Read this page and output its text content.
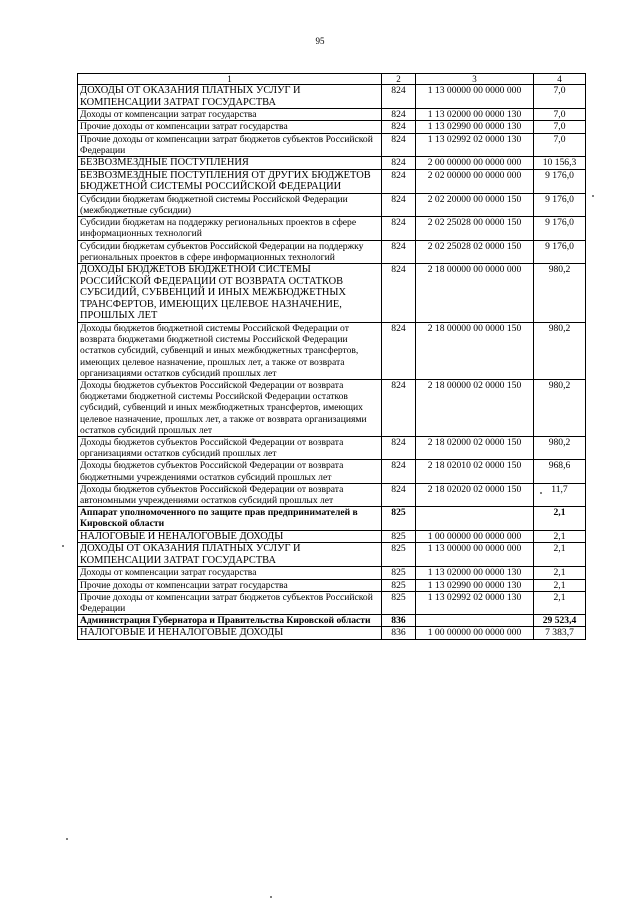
95
1	2	3	4
ДОХОДЫ ОТ ОКАЗАНИЯ ПЛАТНЫХ УСЛУГ И КОМПЕНСАЦИИ ЗАТРАТ ГОСУДАРСТВА	824	1 13 00000 00 0000 000	7,0
Доходы от компенсации затрат государства	824	1 13 02000 00 0000 130	7,0
Прочие доходы от компенсации затрат государства	824	1 13 02990 00 0000 130	7,0
Прочие доходы от компенсации затрат бюджетов субъектов Российской Федерации	824	1 13 02992 02 0000 130	7,0
БЕЗВОЗМЕЗДНЫЕ ПОСТУПЛЕНИЯ	824	2 00 00000 00 0000 000	10 156,3
БЕЗВОЗМЕЗДНЫЕ ПОСТУПЛЕНИЯ ОТ ДРУГИХ БЮДЖЕТОВ БЮДЖЕТНОЙ СИСТЕМЫ РОССИЙСКОЙ ФЕДЕРАЦИИ	824	2 02 00000 00 0000 000	9 176,0
Субсидии бюджетам бюджетной системы Российской Федерации (межбюджетные субсидии)	824	2 02 20000 00 0000 150	9 176,0
Субсидии бюджетам на поддержку региональных проектов в сфере информационных технологий	824	2 02 25028 00 0000 150	9 176,0
Субсидии бюджетам субъектов Российской Федерации на поддержку региональных проектов в сфере информационных технологий	824	2 02 25028 02 0000 150	9 176,0
ДОХОДЫ БЮДЖЕТОВ БЮДЖЕТНОЙ СИСТЕМЫ РОССИЙСКОЙ ФЕДЕРАЦИИ ОТ ВОЗВРАТА ОСТАТКОВ СУБСИДИЙ, СУБВЕНЦИЙ И ИНЫХ МЕЖБЮДЖЕТНЫХ ТРАНСФЕРТОВ, ИМЕЮЩИХ ЦЕЛЕВОЕ НАЗНАЧЕНИЕ, ПРОШЛЫХ ЛЕТ	824	2 18 00000 00 0000 000	980,2
Доходы бюджетов бюджетной системы Российской Федерации от возврата бюджетами бюджетной системы Российской Федерации остатков субсидий, субвенций и иных межбюджетных трансфертов, имеющих целевое назначение, прошлых лет, а также от возврата организациями остатков субсидий прошлых лет	824	2 18 00000 00 0000 150	980,2
Доходы бюджетов субъектов Российской Федерации от возврата бюджетами бюджетной системы Российской Федерации остатков субсидий, субвенций и иных межбюджетных трансфертов, имеющих целевое назначение, прошлых лет, а также от возврата организациями остатков субсидий прошлых лет	824	2 18 00000 02 0000 150	980,2
Доходы бюджетов субъектов Российской Федерации от возврата организациями остатков субсидий прошлых лет	824	2 18 02000 02 0000 150	980,2
Доходы бюджетов субъектов Российской Федерации от возврата бюджетными учреждениями остатков субсидий прошлых лет	824	2 18 02010 02 0000 150	968,6
Доходы бюджетов субъектов Российской Федерации от возврата автономными учреждениями остатков субсидий прошлых лет	824	2 18 02020 02 0000 150	11,7
Аппарат уполномоченного по защите прав предпринимателей в Кировской области	825		2,1
НАЛОГОВЫЕ И НЕНАЛОГОВЫЕ ДОХОДЫ	825	1 00 00000 00 0000 000	2,1
ДОХОДЫ ОТ ОКАЗАНИЯ ПЛАТНЫХ УСЛУГ И КОМПЕНСАЦИИ ЗАТРАТ ГОСУДАРСТВА	825	1 13 00000 00 0000 000	2,1
Доходы от компенсации затрат государства	825	1 13 02000 00 0000 130	2,1
Прочие доходы от компенсации затрат государства	825	1 13 02990 00 0000 130	2,1
Прочие доходы от компенсации затрат бюджетов субъектов Российской Федерации	825	1 13 02992 02 0000 130	2,1
Администрация Губернатора и Правительства Кировской области	836		29 523,4
НАЛОГОВЫЕ И НЕНАЛОГОВЫЕ ДОХОДЫ	836	1 00 00000 00 0000 000	7 383,7
